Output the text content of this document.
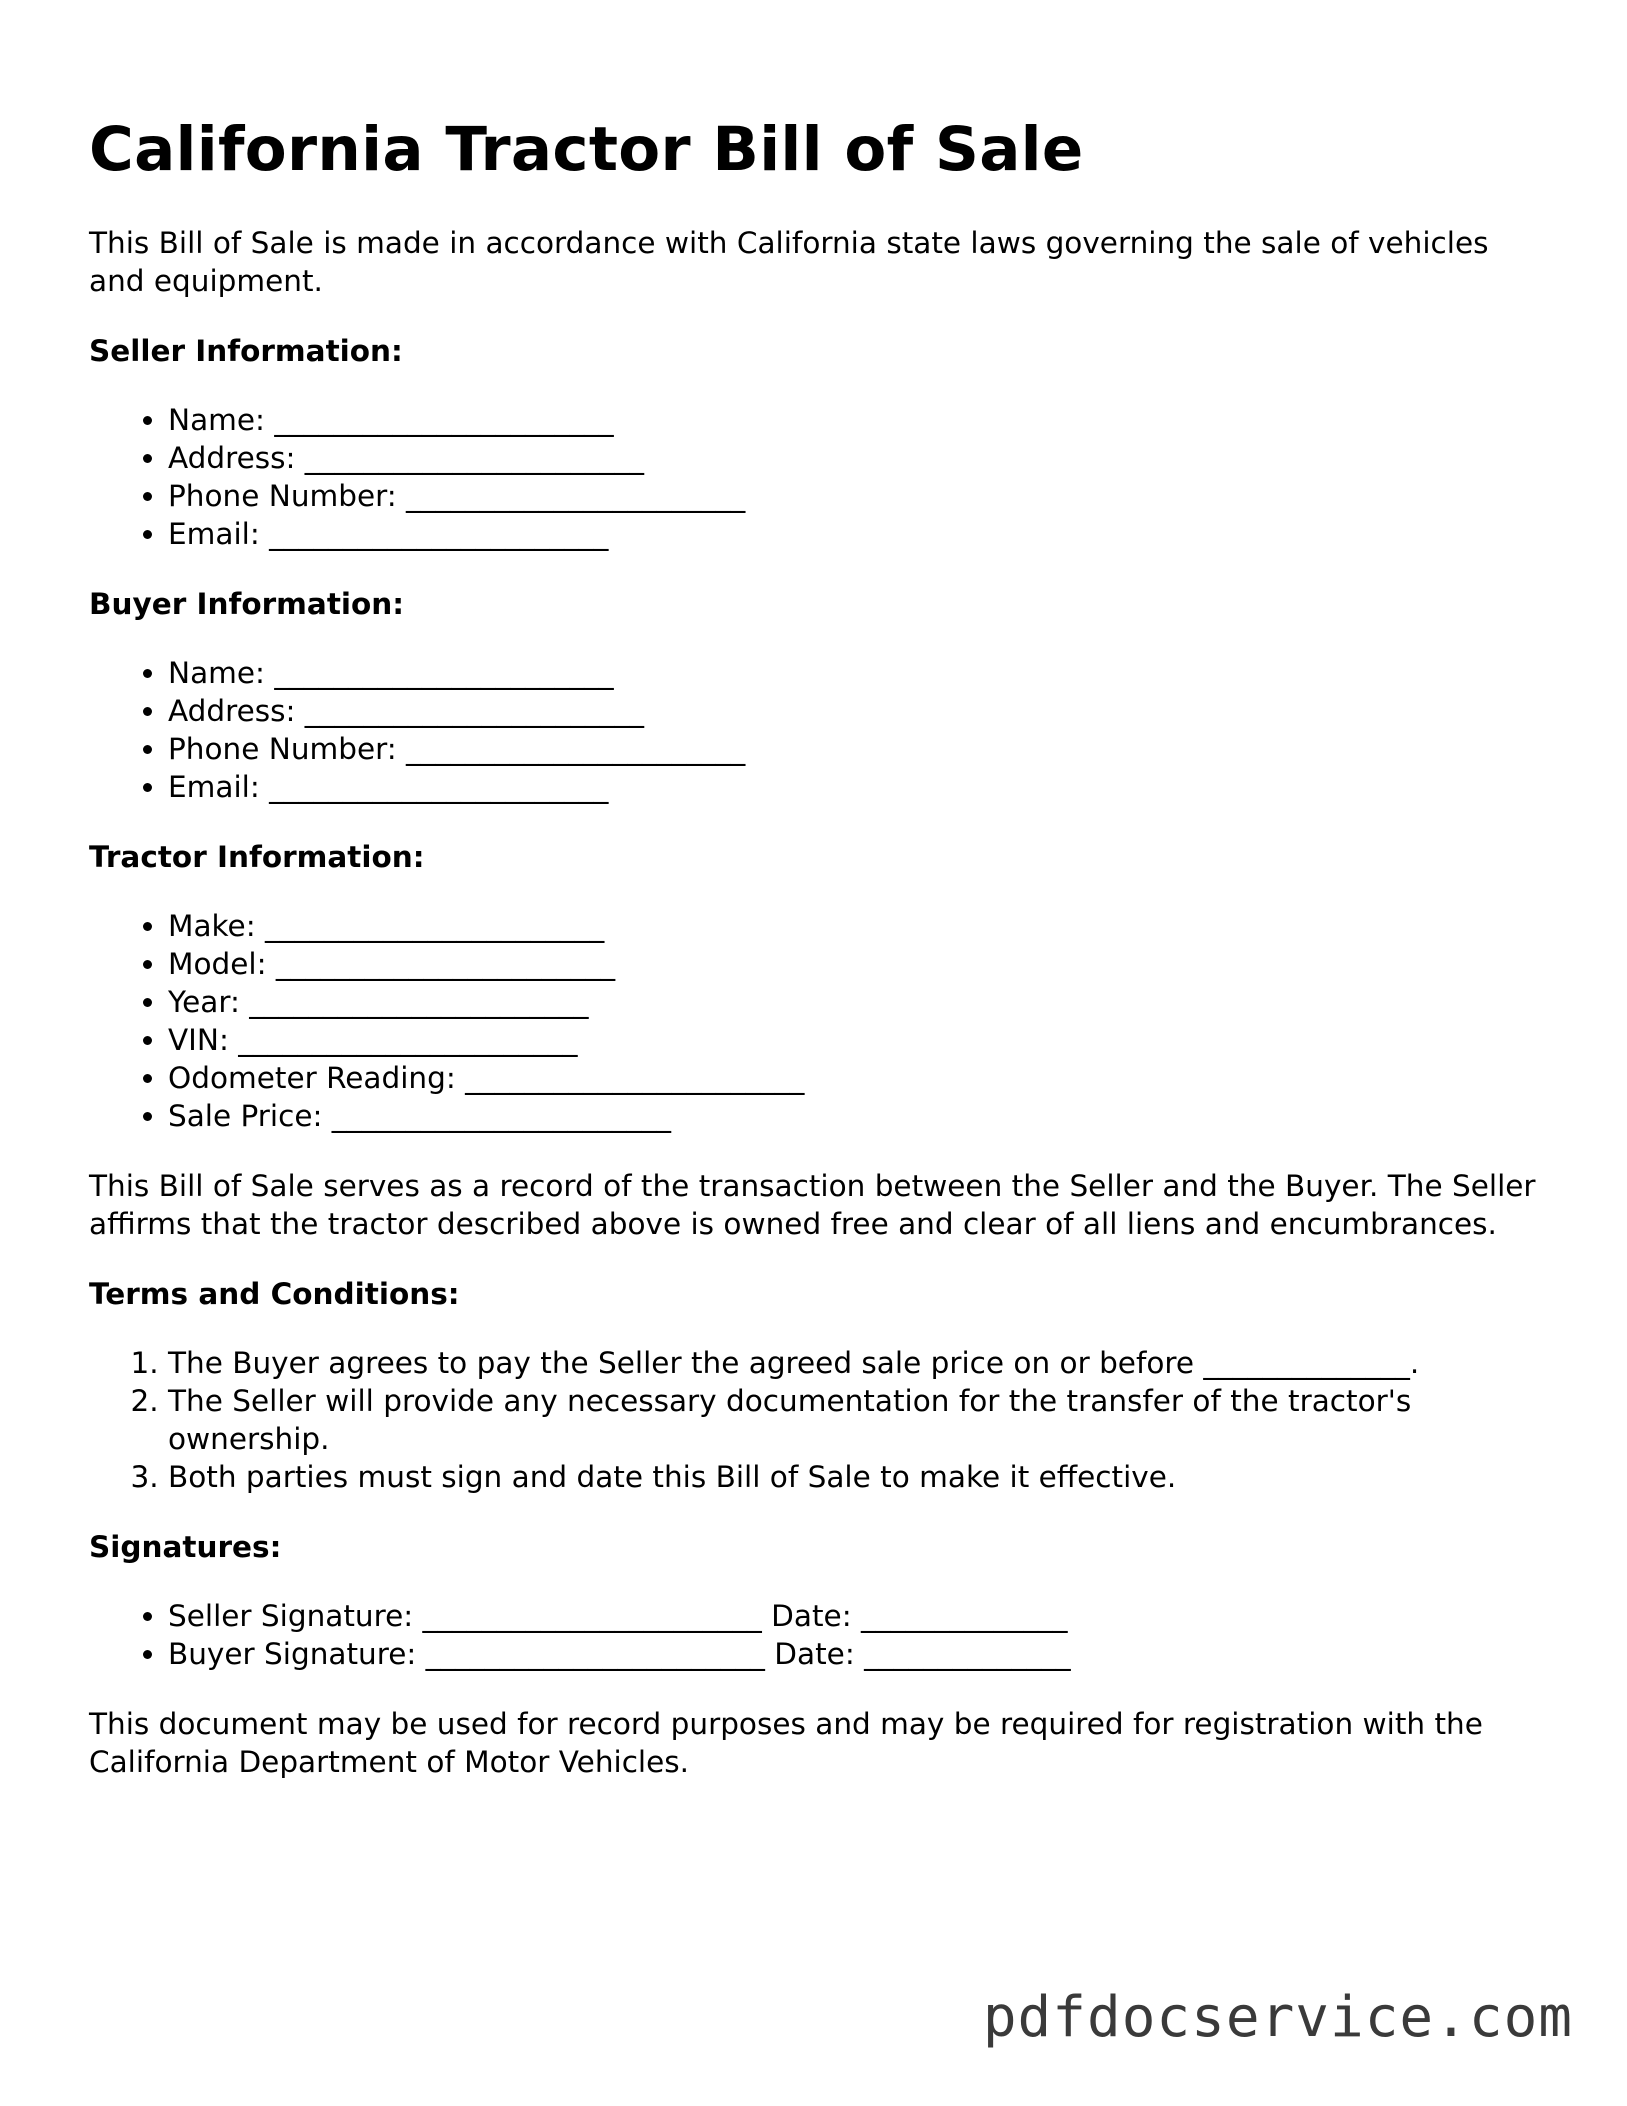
California Tractor Bill of Sale

This Bill of Sale is made in accordance with California state laws governing the sale of vehicles and equipment.

Seller Information:
• Name: _______________________
• Address: _______________________
• Phone Number: _______________________
• Email: _______________________
Buyer Information:
• Name: _______________________
• Address: _______________________
• Phone Number: _______________________
• Email: _______________________
Tractor Information:
• Make: _______________________
• Model: _______________________
• Year: _______________________
• VIN: _______________________
• Odometer Reading: _______________________
• Sale Price: _______________________

This Bill of Sale serves as a record of the transaction between the Seller and the Buyer. The Seller affirms that the tractor described above is owned free and clear of all liens and encumbrances.

Terms and Conditions:
1. The Buyer agrees to pay the Seller the agreed sale price on or before ______________.
2. The Seller will provide any necessary documentation for the transfer of the tractor's ownership.
3. Both parties must sign and date this Bill of Sale to make it effective.
Signatures:
• Seller Signature: _______________________ Date: ______________
• Buyer Signature: _______________________ Date: ______________

This document may be used for record purposes and may be required for registration with the California Department of Motor Vehicles.

pdfdocservice.com
